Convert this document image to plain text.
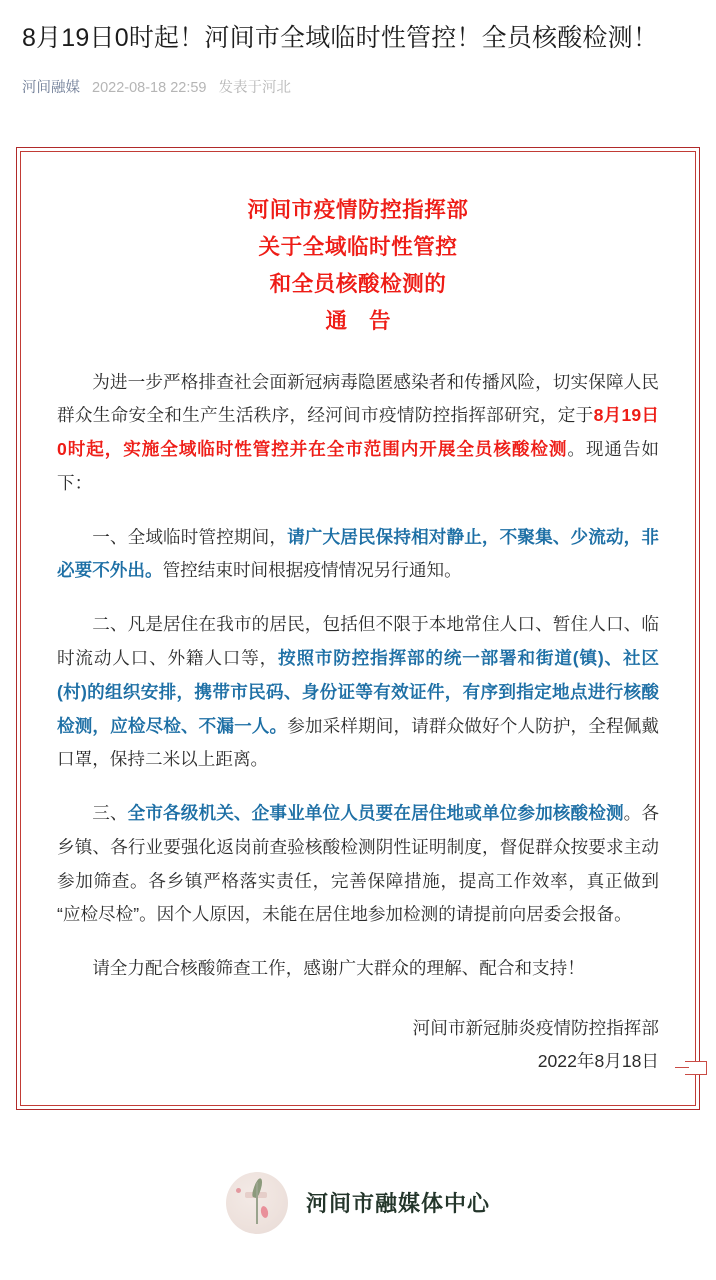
8月19日0时起！河间市全域临时性管控！全员核酸检测！
河间融媒 2022-08-18 22:59 发表于河北
河间市疫情防控指挥部
关于全域临时性管控
和全员核酸检测的
通 告

为进一步严格排查社会面新冠病毒隐匿感染者和传播风险，切实保障人民群众生命安全和生产生活秩序，经河间市疫情防控指挥部研究，定于8月19日0时起，实施全域临时性管控并在全市范围内开展全员核酸检测。现通告如下：

一、全域临时管控期间，请广大居民保持相对静止，不聚集、少流动，非必要不外出。管控结束时间根据疫情情况另行通知。

二、凡是居住在我市的居民，包括但不限于本地常住人口、暂住人口、临时流动人口、外籍人口等，按照市防控指挥部的统一部署和街道(镇)、社区(村)的组织安排，携带市民码、身份证等有效证件，有序到指定地点进行核酸检测，应检尽检、不漏一人。参加采样期间，请群众做好个人防护，全程佩戴口罩，保持二米以上距离。

三、全市各级机关、企事业单位人员要在居住地或单位参加核酸检测。各乡镇、各行业要强化返岗前查验核酸检测阴性证明制度，督促群众按要求主动参加筛查。各乡镇严格落实责任，完善保障措施，提高工作效率，真正做到“应检尽检”。因个人原因，未能在居住地参加检测的请提前向居委会报备。

请全力配合核酸筛查工作，感谢广大群众的理解、配合和支持！

河间市新冠肺炎疫情防控指挥部
2022年8月18日
河间市融媒体中心
